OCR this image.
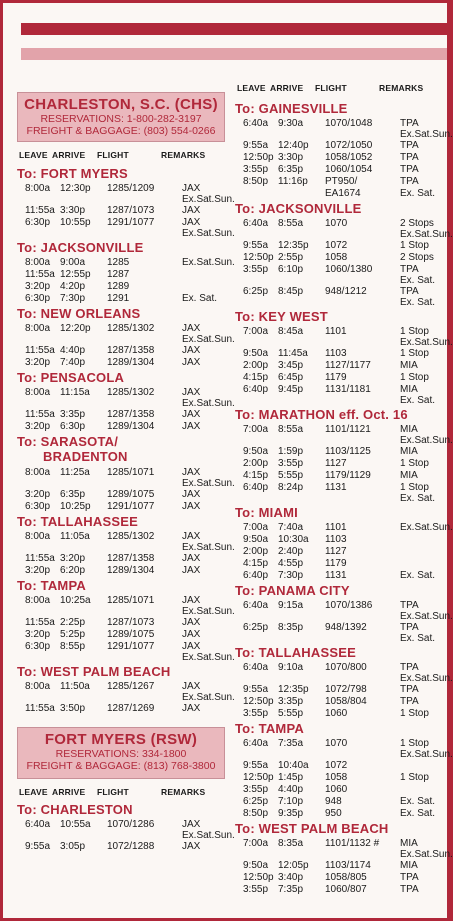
CHARLESTON, S.C. (CHS)
RESERVATIONS: 1-800-282-3197
FREIGHT & BAGGAGE: (803) 554-0266
LEAVE ARRIVE FLIGHT	REMARKS
To: FORT MYERS
8:00a 12:30p 1285/1209	JAX
Ex.Sat.Sun.
11:55a 3:30p 1287/1073	JAX
6:30p 10:55p 1291/1077	JAX
Ex.Sat.Sun.
To: JACKSONVILLE
8:00a 9:00a 1285	Ex.Sat.Sun.
11:55a 12:55p 1287
3:20p 4:20p 1289
6:30p 7:30p 1291	Ex. Sat.
To: NEW ORLEANS
8:00a 12:20p 1285/1302	JAX
Ex.Sat.Sun.
11:55a 4:40p 1287/1358	JAX
3:20p 7:40p 1289/1304	JAX
To: PENSACOLA
8:00a 11:15a 1285/1302	JAX
Ex.Sat.Sun.
11:55a 3:35p 1287/1358	JAX
3:20p 6:30p 1289/1304	JAX
To: SARASOTA/
BRADENTON
8:00a 11:25a 1285/1071	JAX
Ex.Sat.Sun.
3:20p 6:35p 1289/1075	JAX
6:30p 10:25p 1291/1077	JAX
To: TALLAHASSEE
8:00a 11:05a 1285/1302	JAX
Ex.Sat.Sun.
11:55a 3:20p 1287/1358	JAX
3:20p 6:20p 1289/1304	JAX
To: TAMPA
8:00a 10:25a 1285/1071	JAX
Ex.Sat.Sun.
11:55a 2:25p 1287/1073	JAX
3:20p 5:25p 1289/1075	JAX
6:30p 8:55p 1291/1077	JAX
Ex.Sat.Sun.
To: WEST PALM BEACH
8:00a 11:50a 1285/1267	JAX
Ex.Sat.Sun.
11:55a 3:50p 1287/1269	JAX
FORT MYERS (RSW)
RESERVATIONS: 334-1800
FREIGHT & BAGGAGE: (813) 768-3800
LEAVE ARRIVE FLIGHT	REMARKS
To: CHARLESTON
6:40a 10:55a 1070/1286	JAX
Ex.Sat.Sun.
9:55a 3:05p 1072/1288	JAX
LEAVE ARRIVE FLIGHT	REMARKS
To: GAINESVILLE
6:40a 9:30a 1070/1048	TPA
Ex.Sat.Sun.
9:55a 12:40p 1072/1050	TPA
12:50p 3:30p 1058/1052	TPA
3:55p 6:35p 1060/1054	TPA
8:50p 11:16p PT950/	TPA
EA1674	Ex. Sat.
To: JACKSONVILLE
6:40a 8:55a 1070	2 Stops
Ex.Sat.Sun.
9:55a 12:35p 1072	1 Stop
12:50p 2:55p 1058	2 Stops
3:55p 6:10p 1060/1380	TPA
Ex. Sat.
6:25p 8:45p 948/1212	TPA
Ex. Sat.
To: KEY WEST
7:00a 8:45a 1101	1 Stop
Ex.Sat.Sun.
9:50a 11:45a 1103	1 Stop
2:00p 3:45p 1127/1177	MIA
4:15p 6:45p 1179	1 Stop
6:40p 9:45p 1131/1181	MIA
Ex. Sat.
To: MARATHON eff. Oct. 16
7:00a 8:55a 1101/1121	MIA
Ex.Sat.Sun.
9:50a 1:59p 1103/1125	MIA
2:00p 3:55p 1127	1 Stop
4:15p 5:55p 1179/1129	MIA
6:40p 8:24p 1131	1 Stop
Ex. Sat.
To: MIAMI
7:00a 7:40a 1101	Ex.Sat.Sun.
9:50a 10:30a 1103
2:00p 2:40p 1127
4:15p 4:55p 1179
6:40p 7:30p 1131	Ex. Sat.
To: PANAMA CITY
6:40a 9:15a 1070/1386	TPA
Ex.Sat.Sun.
6:25p 8:35p 948/1392	TPA
Ex. Sat.
To: TALLAHASSEE
6:40a 9:10a 1070/800	TPA
Ex.Sat.Sun.
9:55a 12:35p 1072/798	TPA
12:50p 3:35p 1058/804	TPA
3:55p 5:55p 1060	1 Stop
To: TAMPA
6:40a 7:35a 1070	1 Stop
Ex.Sat.Sun.
9:55a 10:40a 1072
12:50p 1:45p 1058	1 Stop
3:55p 4:40p 1060
6:25p 7:10p 948	Ex. Sat.
8:50p 9:35p 950	Ex. Sat.
To: WEST PALM BEACH
7:00a 8:35a 1101/1132 # MIA
Ex.Sat.Sun.
9:50a 12:05p 1103/1174	MIA
12:50p 3:40p 1058/805	TPA
3:55p 7:35p 1060/807	TPA
